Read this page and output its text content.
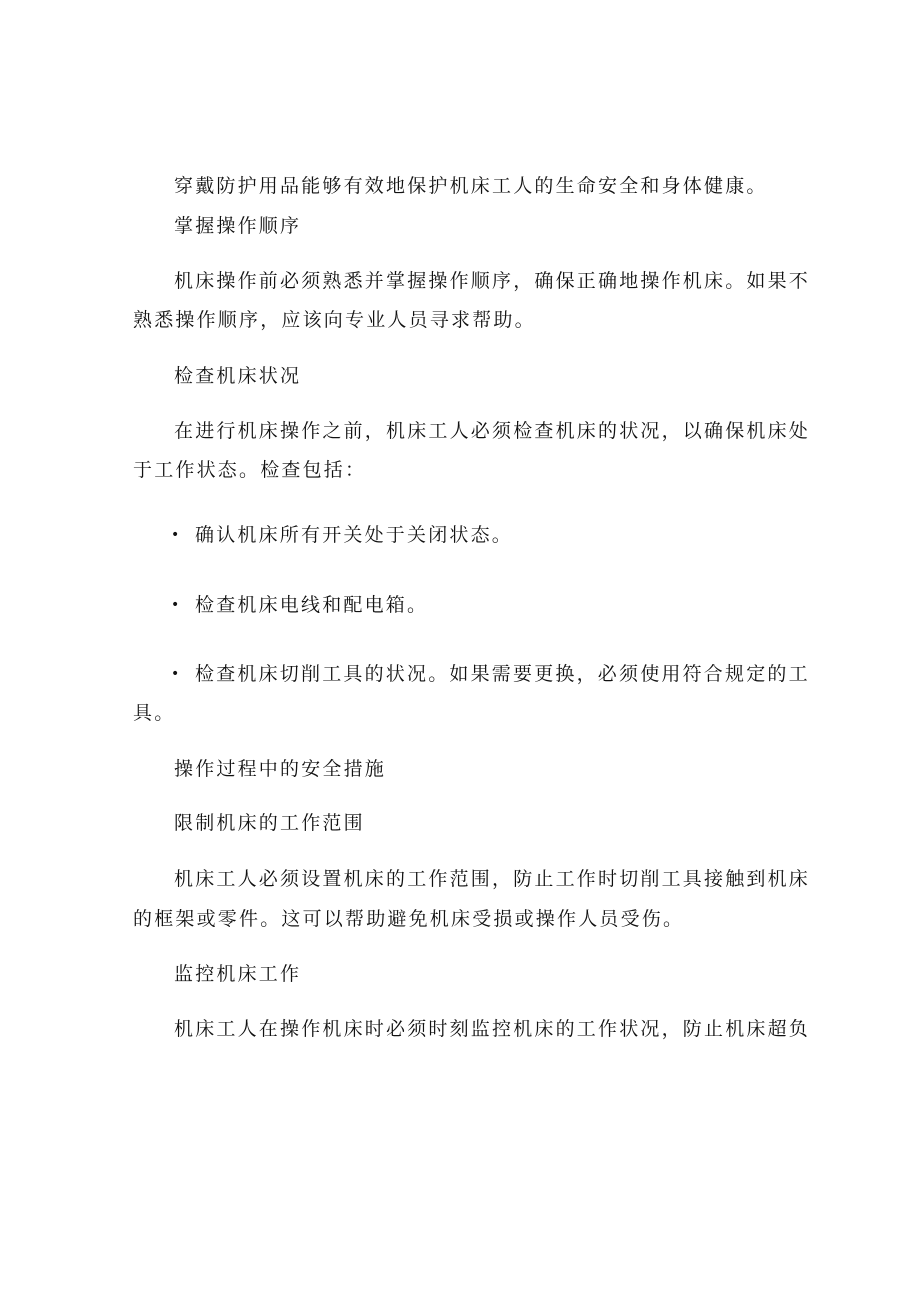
穿戴防护用品能够有效地保护机床工人的生命安全和身体健康。
掌握操作顺序
机床操作前必须熟悉并掌握操作顺序，确保正确地操作机床。如果不
熟悉操作顺序，应该向专业人员寻求帮助。
检查机床状况
在进行机床操作之前，机床工人必须检查机床的状况，以确保机床处
于工作状态。检查包括：
• 确认机床所有开关处于关闭状态。
• 检查机床电线和配电箱。
• 检查机床切削工具的状况。如果需要更换，必须使用符合规定的工
具。
操作过程中的安全措施
限制机床的工作范围
机床工人必须设置机床的工作范围，防止工作时切削工具接触到机床
的框架或零件。这可以帮助避免机床受损或操作人员受伤。
监控机床工作
机床工人在操作机床时必须时刻监控机床的工作状况，防止机床超负
